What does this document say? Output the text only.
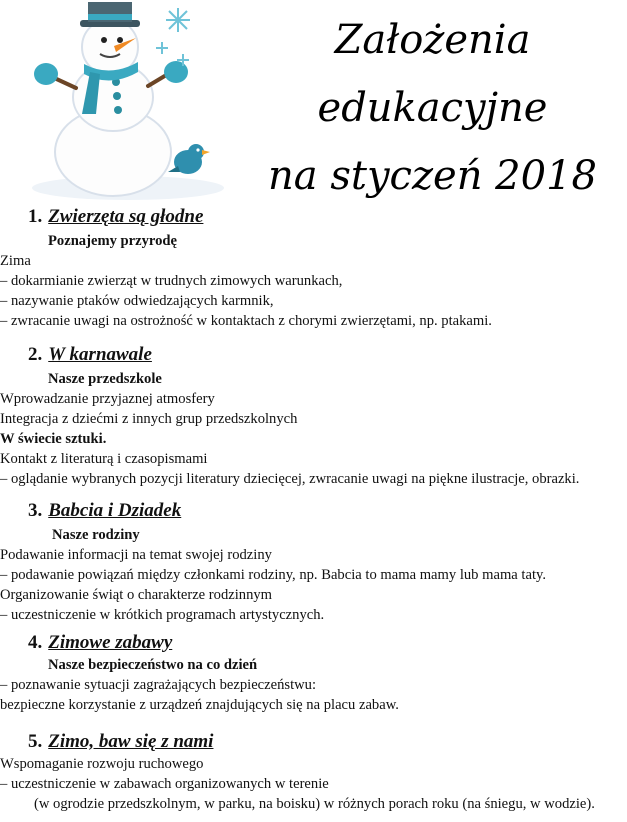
Założenia
edukacyjne
na styczeń 2018
1. Zwierzęta są głodne
Poznajemy przyrodę
Zima
– dokarmianie zwierząt w trudnych zimowych warunkach,
– nazywanie ptaków odwiedzających karmnik,
– zwracanie uwagi na ostrożność w kontaktach z chorymi zwierzętami, np. ptakami.
2. W karnawale
Nasze przedszkole
Wprowadzanie przyjaznej atmosfery
Integracja z dziećmi z innych grup przedszkolnych
W świecie sztuki.
Kontakt z literaturą i czasopismami
– oglądanie wybranych pozycji literatury dziecięcej, zwracanie uwagi na piękne ilustracje, obrazki.
3. Babcia i Dziadek
Nasze rodziny
Podawanie informacji na temat swojej rodziny
– podawanie powiązań między członkami rodziny, np. Babcia to mama mamy lub mama taty.
Organizowanie świąt o charakterze rodzinnym
– uczestniczenie w krótkich programach artystycznych.
4. Zimowe zabawy
Nasze bezpieczeństwo na co dzień
– poznawanie sytuacji zagrażających bezpieczeństwu:
bezpieczne korzystanie z urządzeń znajdujących się na placu zabaw.
5. Zimo, baw się z nami
Wspomaganie rozwoju ruchowego
– uczestniczenie w zabawach organizowanych w terenie
(w ogrodzie przedszkolnym, w parku, na boisku) w różnych porach roku (na śniegu, w wodzie).
